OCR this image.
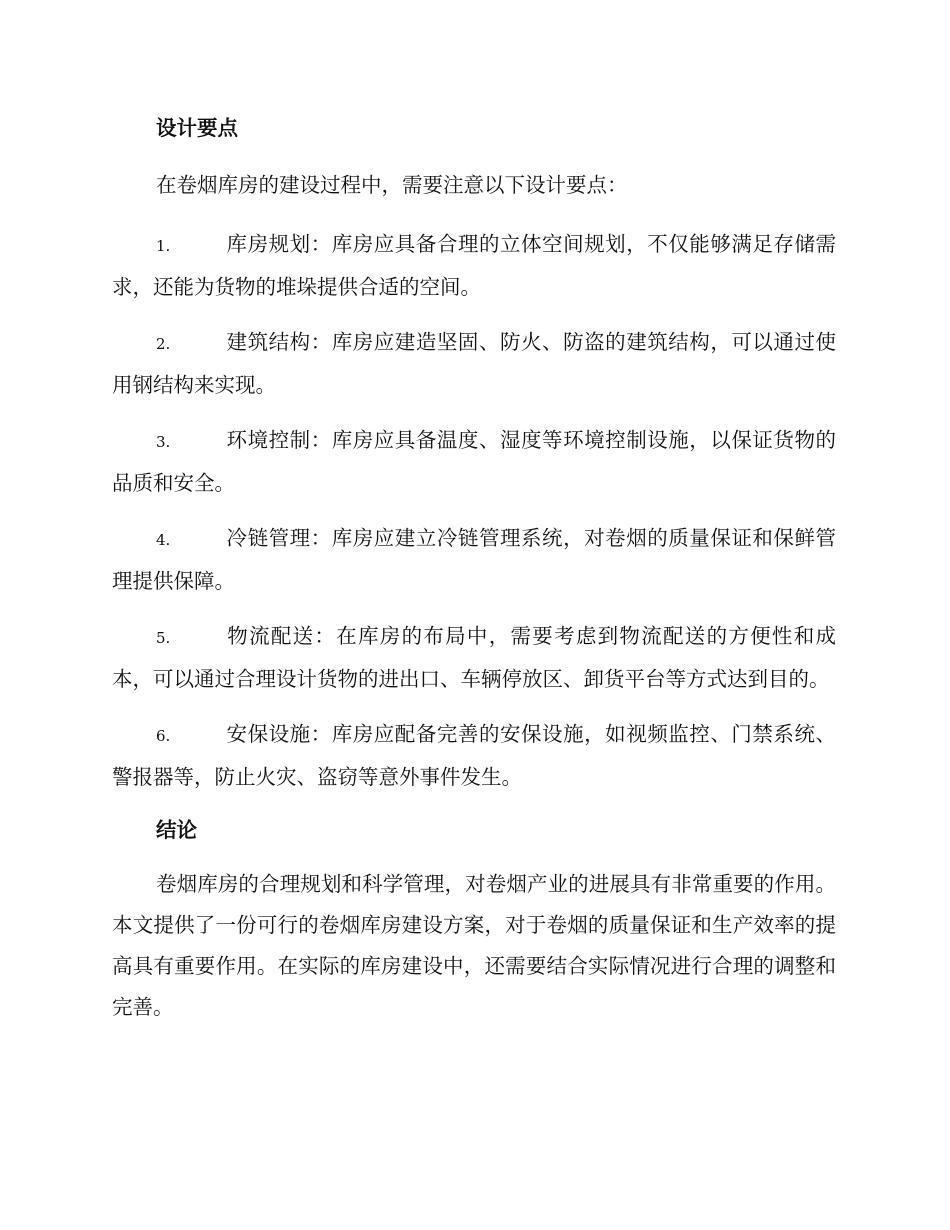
设计要点

在卷烟库房的建设过程中，需要注意以下设计要点：

1.	库房规划：库房应具备合理的立体空间规划，不仅能够满足存储需求，还能为货物的堆垛提供合适的空间。

2.	建筑结构：库房应建造坚固、防火、防盗的建筑结构，可以通过使用钢结构来实现。

3.	环境控制：库房应具备温度、湿度等环境控制设施，以保证货物的品质和安全。

4.	冷链管理：库房应建立冷链管理系统，对卷烟的质量保证和保鲜管理提供保障。

5.	物流配送：在库房的布局中，需要考虑到物流配送的方便性和成本，可以通过合理设计货物的进出口、车辆停放区、卸货平台等方式达到目的。

6.	安保设施：库房应配备完善的安保设施，如视频监控、门禁系统、警报器等，防止火灾、盗窃等意外事件发生。

结论

卷烟库房的合理规划和科学管理，对卷烟产业的进展具有非常重要的作用。本文提供了一份可行的卷烟库房建设方案，对于卷烟的质量保证和生产效率的提高具有重要作用。在实际的库房建设中，还需要结合实际情况进行合理的调整和完善。
